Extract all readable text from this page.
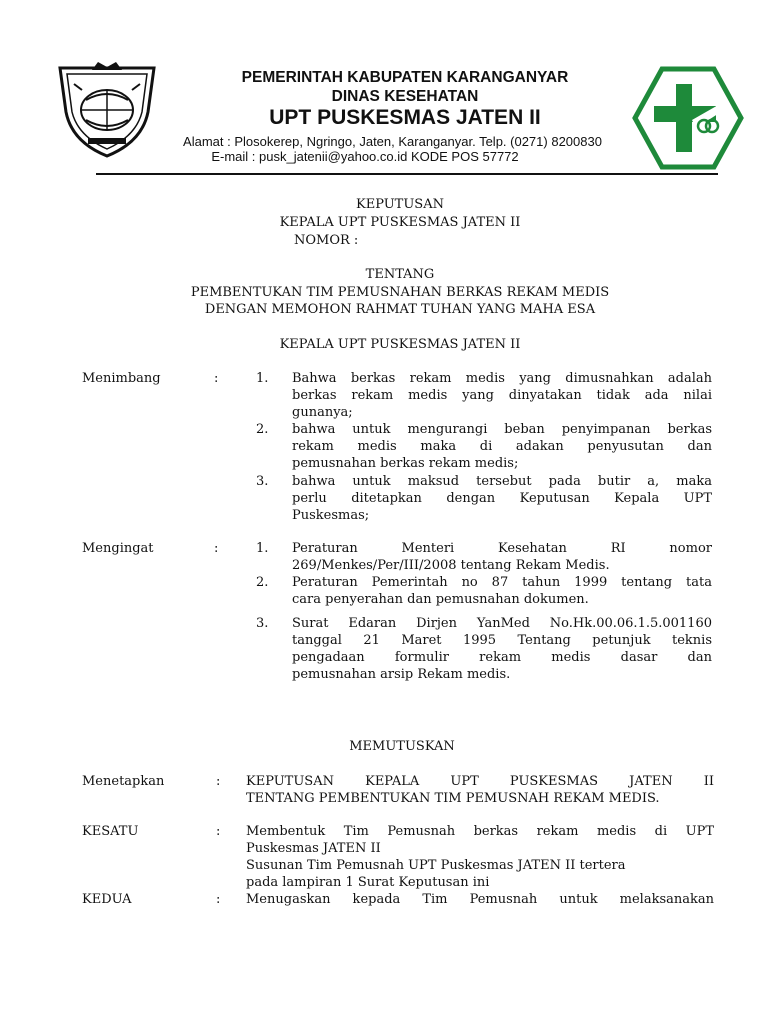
PEMERINTAH KABUPATEN KARANGANYAR
DINAS KESEHATAN
UPT PUSKESMAS JATEN II
Alamat : Plosokerep, Ngringo, Jaten, Karanganyar. Telp. (0271) 8200830
E-mail : pusk_jatenii@yahoo.co.id KODE POS 57772
KEPUTUSAN
KEPALA UPT PUSKESMAS JATEN II
NOMOR :
TENTANG
PEMBENTUKAN TIM PEMUSNAHAN BERKAS REKAM MEDIS
DENGAN MEMOHON RAHMAT TUHAN YANG MAHA ESA
KEPALA UPT PUSKESMAS JATEN II
Menimbang	:	1. Bahwa berkas rekam medis yang dimusnahkan adalah
berkas rekam medis yang dinyatakan tidak ada nilai
gunanya;
2. bahwa untuk mengurangi beban penyimpanan berkas
rekam medis maka di adakan penyusutan dan
pemusnahan berkas rekam medis;
3. bahwa untuk maksud tersebut pada butir a, maka
perlu ditetapkan dengan Keputusan Kepala UPT
Puskesmas;
Mengingat	:	1. Peraturan Menteri Kesehatan RI nomor
269/Menkes/Per/III/2008 tentang Rekam Medis.
2. Peraturan Pemerintah no 87 tahun 1999 tentang tata
cara penyerahan dan pemusnahan dokumen.
3. Surat Edaran Dirjen YanMed No.Hk.00.06.1.5.001160
tanggal 21 Maret 1995 Tentang petunjuk teknis
pengadaan formulir rekam medis dasar dan
pemusnahan arsip Rekam medis.
MEMUTUSKAN
Menetapkan	: KEPUTUSAN KEPALA UPT PUSKESMAS JATEN II
TENTANG PEMBENTUKAN TIM PEMUSNAH REKAM MEDIS.
KESATU	: Membentuk Tim Pemusnah berkas rekam medis di UPT
Puskesmas JATEN II
Susunan Tim Pemusnah UPT Puskesmas JATEN II tertera
pada lampiran 1 Surat Keputusan ini
KEDUA	: Menugaskan kepada Tim Pemusnah untuk melaksanakan
